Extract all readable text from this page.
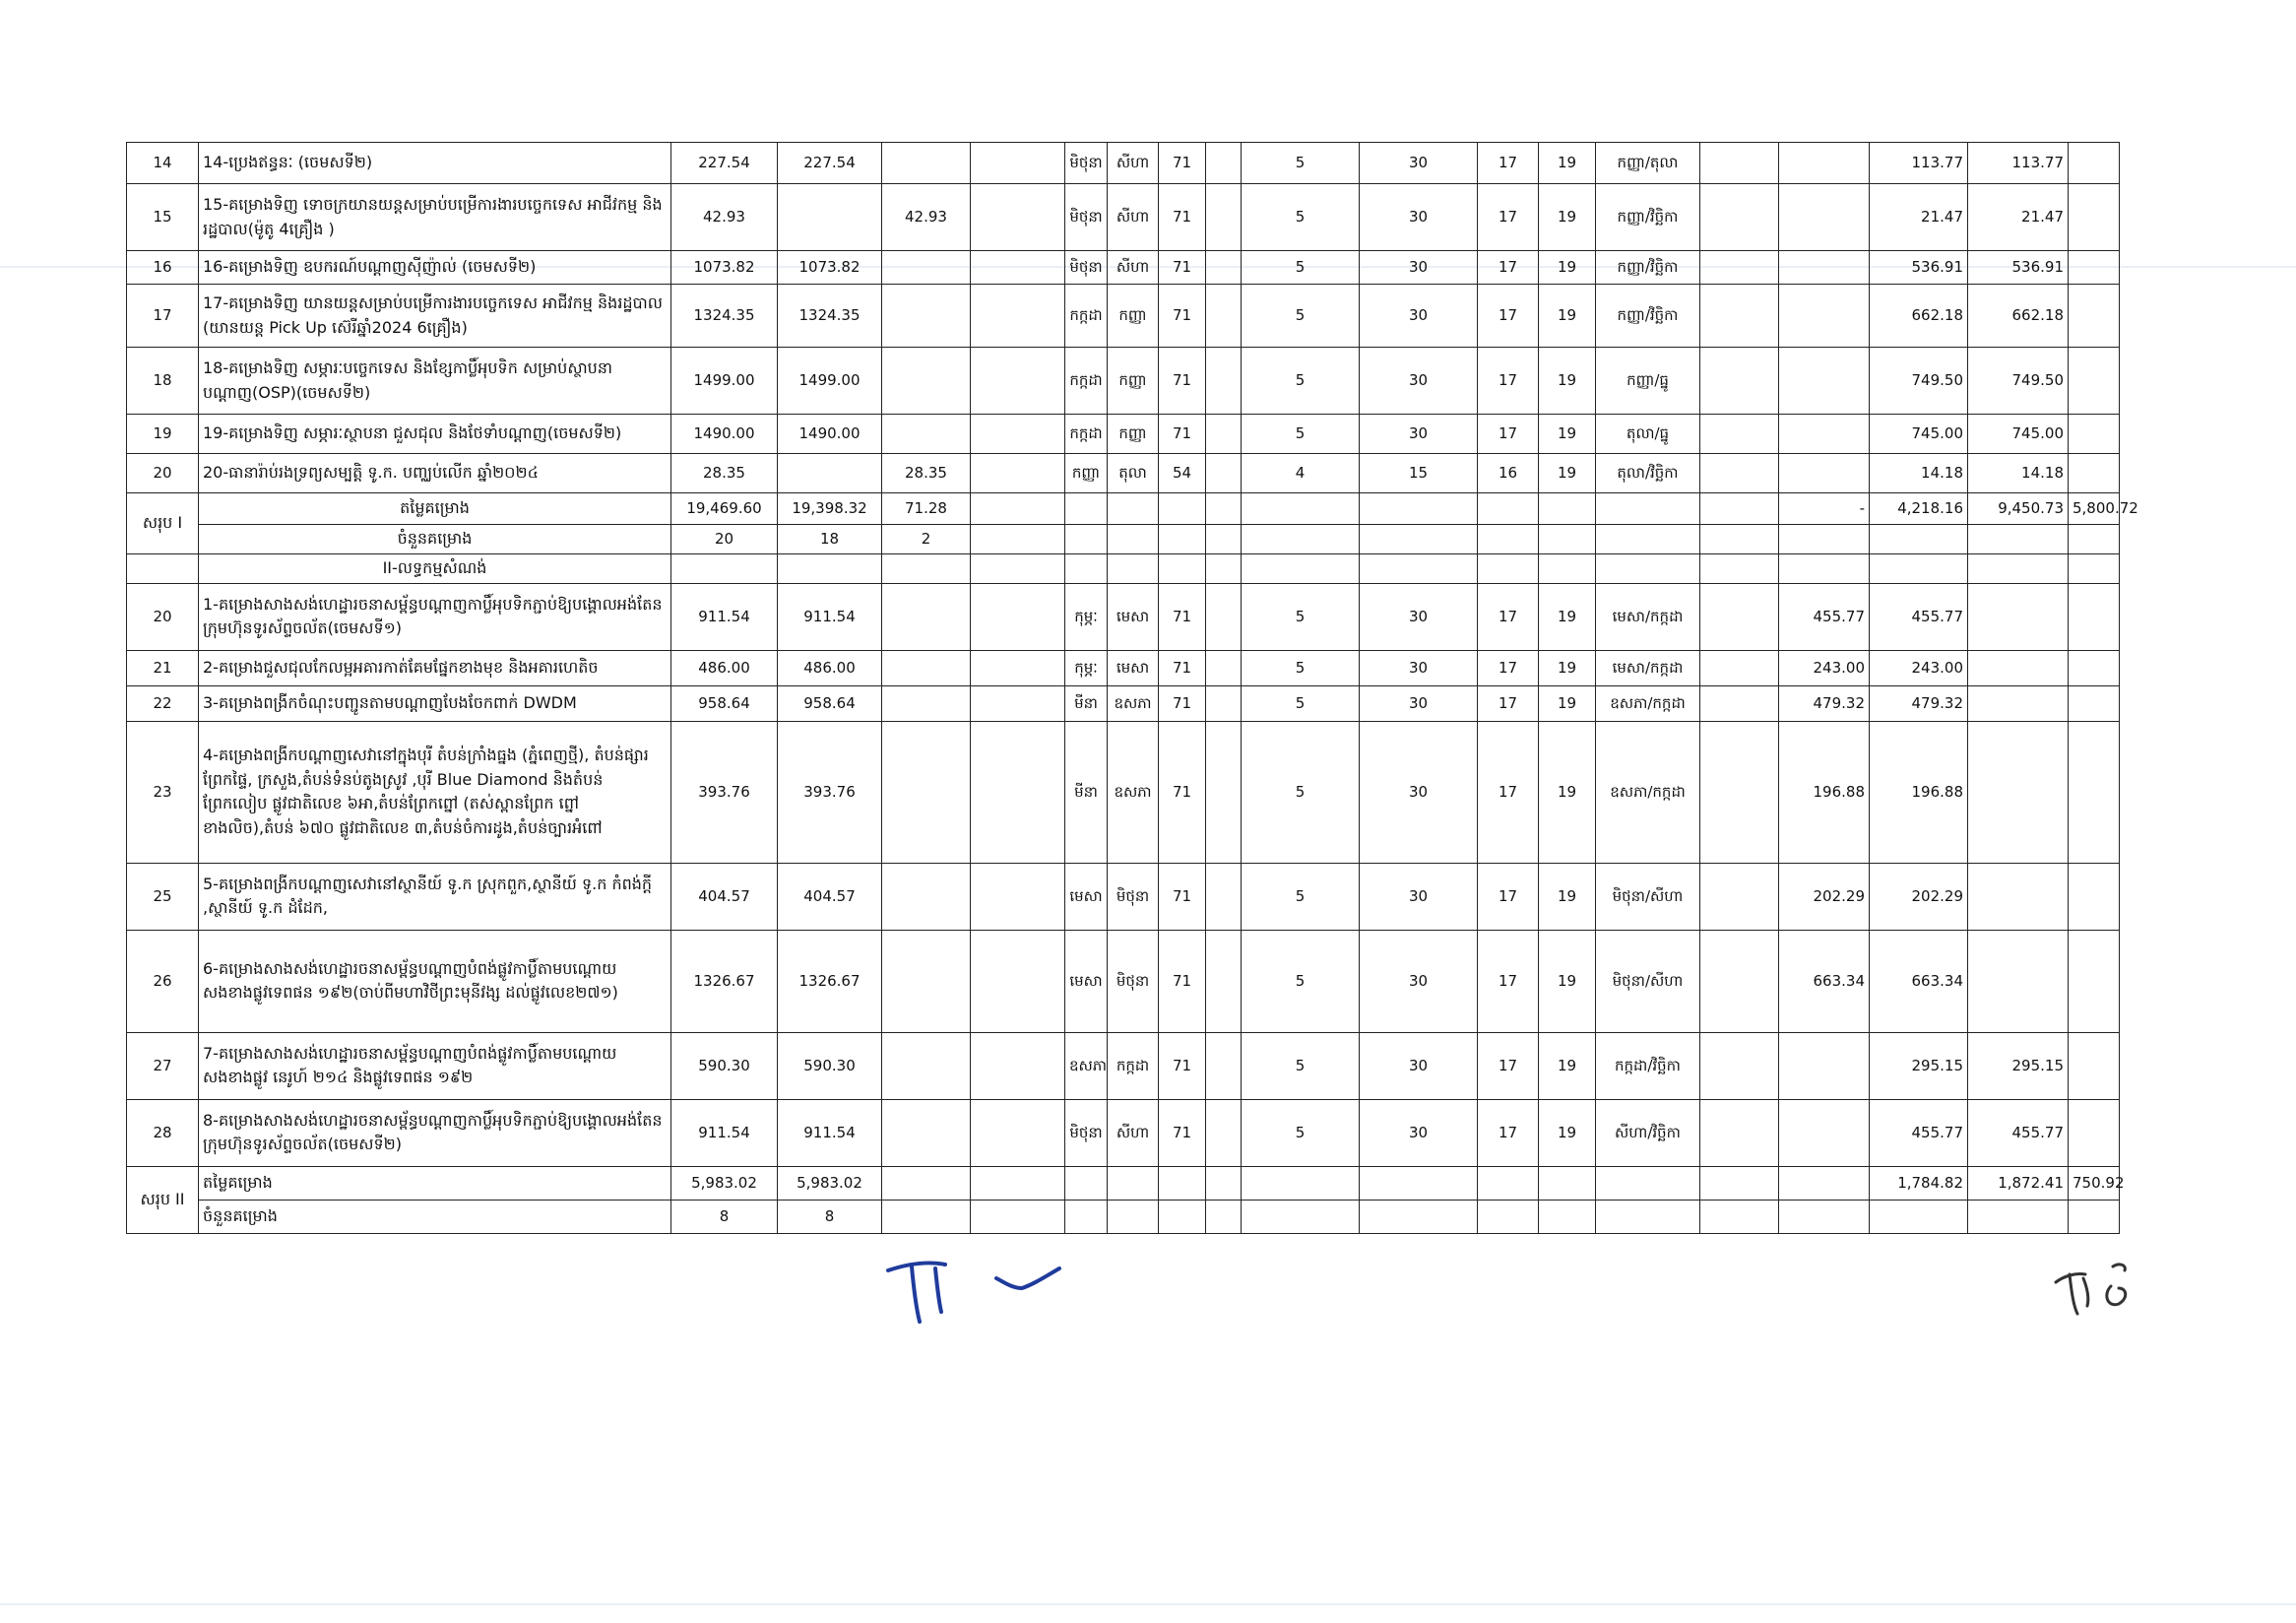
14	14-ប្រេងឥន្ធនៈ (ចេមសទី២)	227.54	227.54			មិថុនា	សីហា	71		5	30	17	19	កញ្ញា/តុលា			113.77	113.77	
15	15-គម្រោងទិញ ទោចក្រយានយន្តសម្រាប់បម្រើការងារបច្ចេកទេស អាជីវកម្ម និងរដ្ឋបាល(ម៉ូតូ 4គ្រឿង )	42.93		42.93		មិថុនា	សីហា	71		5	30	17	19	កញ្ញា/វិច្ឆិកា			21.47	21.47	
16	16-គម្រោងទិញ ឧបករណ៍បណ្ដាញស៊ីញ៉ាល់ (ចេមសទី២)	1073.82	1073.82			មិថុនា	សីហា	71		5	30	17	19	កញ្ញា/វិច្ឆិកា			536.91	536.91	
17	17-គម្រោងទិញ យានយន្តសម្រាប់បម្រើការងារបច្ចេកទេស អាជីវកម្ម និងរដ្ឋបាល (យានយន្ត Pick Up ស៊េរីឆ្នាំ2024 6គ្រឿង)	1324.35	1324.35			កក្កដា	កញ្ញា	71		5	30	17	19	កញ្ញា/វិច្ឆិកា			662.18	662.18	
18	18-គម្រោងទិញ សម្ភារៈបច្ចេកទេស និងខ្សែកាប្លិ៍អុបទិក សម្រាប់ស្ថាបនាបណ្ដាញ(OSP)(ចេមសទី២)	1499.00	1499.00			កក្កដា	កញ្ញា	71		5	30	17	19	កញ្ញា/ធ្នូ			749.50	749.50	
19	19-គម្រោងទិញ សម្ភារៈស្ថាបនា ជួសជុល និងថែទាំបណ្ដាញ(ចេមសទី២)	1490.00	1490.00			កក្កដា	កញ្ញា	71		5	30	17	19	តុលា/ធ្នូ			745.00	745.00	
20	20-ធានារ៉ាប់រងទ្រព្យសម្បត្តិ ទូ.ក. បញ្ឈប់លើក ឆ្នាំ២០២៤	28.35		28.35		កញ្ញា	តុលា	54		4	15	16	19	តុលា/វិច្ឆិកា			14.18	14.18	
សរុប I	តម្លៃគម្រោង	19,469.60	19,398.32	71.28												-	4,218.16	9,450.73	5,800.72
	ចំនួនគម្រោង	20	18	2															
	II-លទ្ធកម្មសំណង់																		
20	1-គម្រោងសាងសង់ហេដ្ឋារចនាសម្ព័ន្ធបណ្ដាញកាប្លិ៍អុបទិកភ្ជាប់ឱ្យបង្គោលអង់តែនក្រុមហ៊ុនទូរស័ព្ទចល័ត(ចេមសទី១)	911.54	911.54			កុម្ភៈ	មេសា	71		5	30	17	19	មេសា/កក្កដា		455.77	455.77		
21	2-គម្រោងជួសជុលកែលម្អអគារកាត់គែមផ្នែកខាងមុខ និងអគារហេតិច	486.00	486.00			កុម្ភៈ	មេសា	71		5	30	17	19	មេសា/កក្កដា		243.00	243.00		
22	3-គម្រោងពង្រីកចំណុះបញ្ជូនតាមបណ្ដាញបែងចែកពាក់ DWDM	958.64	958.64			មីនា	ឧសភា	71		5	30	17	19	ឧសភា/កក្កដា		479.32	479.32		
23	4-គម្រោងពង្រីកបណ្ដាញសេវានៅក្នុងបុរី តំបន់ក្រាំងធ្នង (ភ្នំពេញថ្មី), តំបន់ផ្សារព្រែកផ្ទៃ, ក្រសួង,តំបន់ទំនប់តូងស្រូវ ,បុរី Blue Diamond និងតំបន់ព្រែកលៀប ផ្លូវជាតិលេខ ៦អា,តំបន់ព្រែកព្នៅ (តស់ស្ពានព្រែក ព្នៅខាងលិច),តំបន់ ៦៧០ ផ្លូវជាតិលេខ ៣,តំបន់ចំការដូង,តំបន់ច្បារអំពៅ	393.76	393.76			មីនា	ឧសភា	71		5	30	17	19	ឧសភា/កក្កដា		196.88	196.88		
25	5-គម្រោងពង្រីកបណ្ដាញសេវានៅស្ថានីយ៍ ទូ.ក ស្រុកពួក,ស្ថានីយ៍ ទូ.ក កំពង់ក្ដី ,ស្ថានីយ៍ ទូ.ក ដំដែក,	404.57	404.57			មេសា	មិថុនា	71		5	30	17	19	មិថុនា/សីហា		202.29	202.29		
26	6-គម្រោងសាងសង់ហេដ្ឋារចនាសម្ព័ន្ធបណ្ដាញបំពង់ផ្លូវកាប្លិ៍តាមបណ្ដោយសងខាងផ្លូវទេពផន ១៩២(ចាប់ពីមហាវិថីព្រះមុនីវង្ស ដល់ផ្លូវលេខ២៧១)	1326.67	1326.67			មេសា	មិថុនា	71		5	30	17	19	មិថុនា/សីហា		663.34	663.34		
27	7-គម្រោងសាងសង់ហេដ្ឋារចនាសម្ព័ន្ធបណ្ដាញបំពង់ផ្លូវកាប្លិ៍តាមបណ្ដោយសងខាងផ្លូវ នេរូហ៍ ២១៤ និងផ្លូវទេពផន ១៩២	590.30	590.30			ឧសភា	កក្កដា	71		5	30	17	19	កក្កដា/វិច្ឆិកា			295.15	295.15	
28	8-គម្រោងសាងសង់ហេដ្ឋារចនាសម្ព័ន្ធបណ្ដាញកាប្លិ៍អុបទិកភ្ជាប់ឱ្យបង្គោលអង់តែនក្រុមហ៊ុនទូរស័ព្ទចល័ត(ចេមសទី២)	911.54	911.54			មិថុនា	សីហា	71		5	30	17	19	សីហា/វិច្ឆិកា			455.77	455.77	
សរុប II	តម្លៃគម្រោង	5,983.02	5,983.02														1,784.82	1,872.41	750.92
	ចំនួនគម្រោង	8	8																
